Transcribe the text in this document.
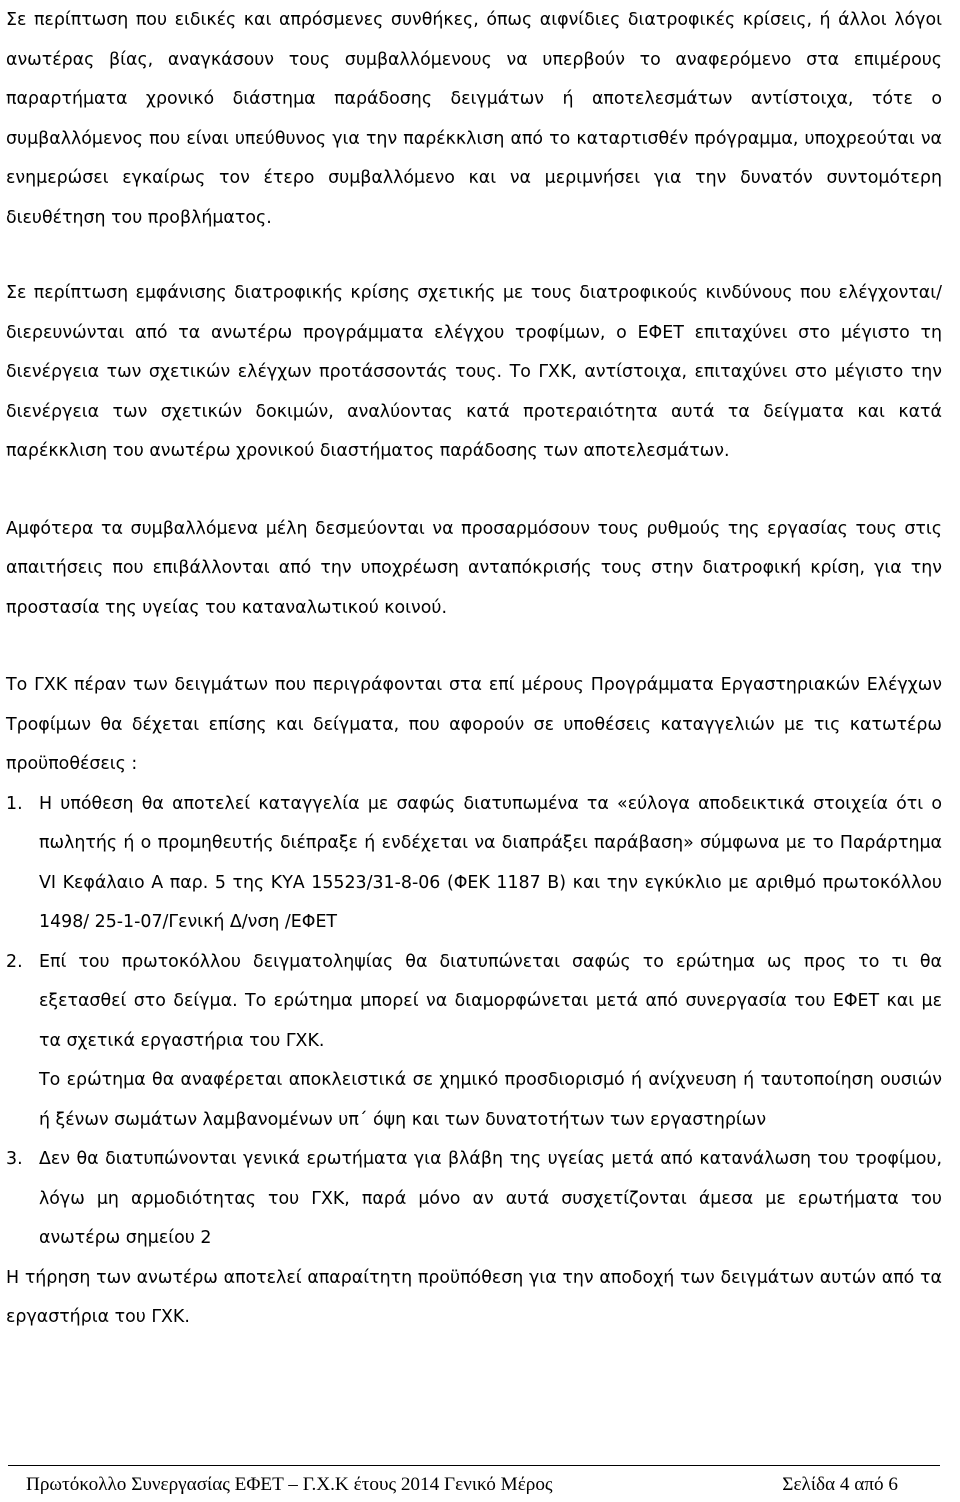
Σε περίπτωση που ειδικές και απρόσμενες συνθήκες, όπως αιφνίδιες διατροφικές κρίσεις, ή άλλοι λόγοι ανωτέρας βίας, αναγκάσουν τους συμβαλλόμενους να υπερβούν το αναφερόμενο στα επιμέρους παραρτήματα χρονικό διάστημα παράδοσης δειγμάτων ή αποτελεσμάτων αντίστοιχα, τότε ο συμβαλλόμενος που είναι υπεύθυνος για την παρέκκλιση από το καταρτισθέν πρόγραμμα, υποχρεούται να ενημερώσει εγκαίρως τον έτερο συμβαλλόμενο και να μεριμνήσει για την δυνατόν συντομότερη διευθέτηση του προβλήματος.

Σε περίπτωση εμφάνισης διατροφικής κρίσης σχετικής με τους διατροφικούς κινδύνους που ελέγχονται/διερευνώνται από τα ανωτέρω προγράμματα ελέγχου τροφίμων, ο ΕΦΕΤ επιταχύνει στο μέγιστο τη διενέργεια των σχετικών ελέγχων προτάσσοντάς τους. Το ΓΧΚ, αντίστοιχα, επιταχύνει στο μέγιστο την διενέργεια των σχετικών δοκιμών, αναλύοντας κατά προτεραιότητα αυτά τα δείγματα και κατά παρέκκλιση του ανωτέρω χρονικού διαστήματος παράδοσης των αποτελεσμάτων.

Αμφότερα τα συμβαλλόμενα μέλη δεσμεύονται να προσαρμόσουν τους ρυθμούς της εργασίας τους στις απαιτήσεις που επιβάλλονται από την υποχρέωση ανταπόκρισής τους στην διατροφική κρίση, για την προστασία της υγείας του καταναλωτικού κοινού.

Το ΓΧΚ πέραν των δειγμάτων που περιγράφονται στα επί μέρους Προγράμματα Εργαστηριακών Ελέγχων Τροφίμων θα δέχεται επίσης και δείγματα, που αφορούν σε υποθέσεις καταγγελιών με τις κατωτέρω προϋποθέσεις :

1. Η υπόθεση θα αποτελεί καταγγελία με σαφώς διατυπωμένα τα «εύλογα αποδεικτικά στοιχεία ότι ο πωλητής ή ο προμηθευτής διέπραξε ή ενδέχεται να διαπράξει παράβαση» σύμφωνα με το Παράρτημα VI Κεφάλαιο Α παρ. 5 της ΚΥΑ 15523/31-8-06 (ΦΕΚ 1187 Β) και την εγκύκλιο με αριθμό πρωτοκόλλου 1498/ 25-1-07/Γενική Δ/νση /ΕΦΕΤ

2. Επί του πρωτοκόλλου δειγματοληψίας θα διατυπώνεται σαφώς το ερώτημα ως προς το τι θα εξετασθεί στο δείγμα. Το ερώτημα μπορεί να διαμορφώνεται μετά από συνεργασία του ΕΦΕΤ και με τα σχετικά εργαστήρια του ΓΧΚ.

Το ερώτημα θα αναφέρεται αποκλειστικά σε χημικό προσδιορισμό ή ανίχνευση ή ταυτοποίηση ουσιών ή ξένων σωμάτων λαμβανομένων υπ΄ όψη και των δυνατοτήτων των εργαστηρίων

3. Δεν θα διατυπώνονται γενικά ερωτήματα για βλάβη της υγείας μετά από κατανάλωση του τροφίμου, λόγω μη αρμοδιότητας του ΓΧΚ, παρά μόνο αν αυτά συσχετίζονται άμεσα με ερωτήματα του ανωτέρω σημείου 2

Η τήρηση των ανωτέρω αποτελεί απαραίτητη προϋπόθεση για την αποδοχή των δειγμάτων αυτών από τα εργαστήρια του ΓΧΚ.

Πρωτόκολλο Συνεργασίας ΕΦΕΤ – Γ.Χ.Κ έτους 2014 Γενικό Μέρος	Σελίδα 4 από 6
